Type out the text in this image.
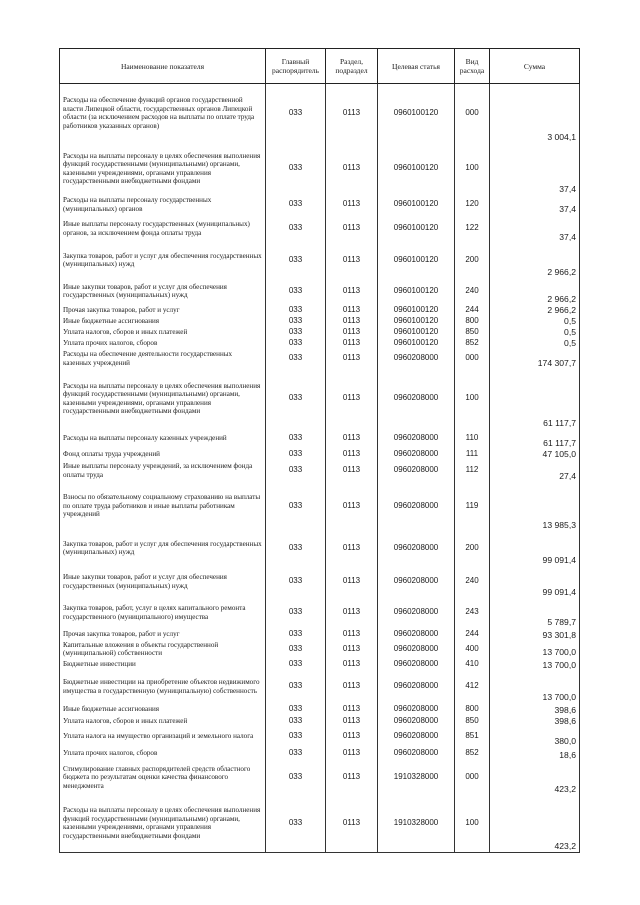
Наименование показателя	Главный распорядитель	Раздел, подраздел	Целевая статья	Вид расхода	Сумма
Расходы на обеспечение функций органов государственной власти Липецкой области, государственных органов Липецкой области (за исключением расходов на выплаты по оплате труда работников указанных органов)	033	0113	0960100120	000	3 004,1
Расходы на выплаты персоналу в целях обеспечения выполнения функций государственными (муниципальными) органами, казенными учреждениями, органами управления государственными внебюджетными фондами	033	0113	0960100120	100	37,4
Расходы на выплаты персоналу государственных (муниципальных) органов	033	0113	0960100120	120	37,4
Иные выплаты персоналу государственных (муниципальных) органов, за исключением фонда оплаты труда	033	0113	0960100120	122	37,4
Закупка товаров, работ и услуг для обеспечения государственных (муниципальных) нужд	033	0113	0960100120	200	2 966,2
Иные закупки товаров, работ и услуг для обеспечения государственных (муниципальных) нужд	033	0113	0960100120	240	2 966,2
Прочая закупка товаров, работ и услуг	033	0113	0960100120	244	2 966,2
Иные бюджетные ассигнования	033	0113	0960100120	800	0,5
Уплата налогов, сборов и иных платежей	033	0113	0960100120	850	0,5
Уплата прочих налогов, сборов	033	0113	0960100120	852	0,5
Расходы на обеспечение деятельности государственных казенных учреждений	033	0113	0960208000	000	174 307,7
Расходы на выплаты персоналу в целях обеспечения выполнения функций государственными (муниципальными) органами, казенными учреждениями, органами управления государственными внебюджетными фондами	033	0113	0960208000	100	61 117,7
Расходы на выплаты персоналу казенных учреждений	033	0113	0960208000	110	61 117,7
Фонд оплаты труда учреждений	033	0113	0960208000	111	47 105,0
Иные выплаты персоналу учреждений, за исключением фонда оплаты труда	033	0113	0960208000	112	27,4
Взносы по обязательному социальному страхованию на выплаты по оплате труда работников и иные выплаты работникам учреждений	033	0113	0960208000	119	13 985,3
Закупка товаров, работ и услуг для обеспечения государственных (муниципальных) нужд	033	0113	0960208000	200	99 091,4
Иные закупки товаров, работ и услуг для обеспечения государственных (муниципальных) нужд	033	0113	0960208000	240	99 091,4
Закупка товаров, работ, услуг в целях капитального ремонта государственного (муниципального) имущества	033	0113	0960208000	243	5 789,7
Прочая закупка товаров, работ и услуг	033	0113	0960208000	244	93 301,8
Капитальные вложения в объекты государственной (муниципальной) собственности	033	0113	0960208000	400	13 700,0
Бюджетные инвестиции	033	0113	0960208000	410	13 700,0
Бюджетные инвестиции на приобретение объектов недвижимого имущества в государственную (муниципальную) собственность	033	0113	0960208000	412	13 700,0
Иные бюджетные ассигнования	033	0113	0960208000	800	398,6
Уплата налогов, сборов и иных платежей	033	0113	0960208000	850	398,6
Уплата налога на имущество организаций и земельного налога	033	0113	0960208000	851	380,0
Уплата прочих налогов, сборов	033	0113	0960208000	852	18,6
Стимулирование главных распорядителей средств областного бюджета по результатам оценки качества финансового менеджмента	033	0113	1910328000	000	423,2
Расходы на выплаты персоналу в целях обеспечения выполнения функций государственными (муниципальными) органами, казенными учреждениями, органами управления государственными внебюджетными фондами	033	0113	1910328000	100	423,2
